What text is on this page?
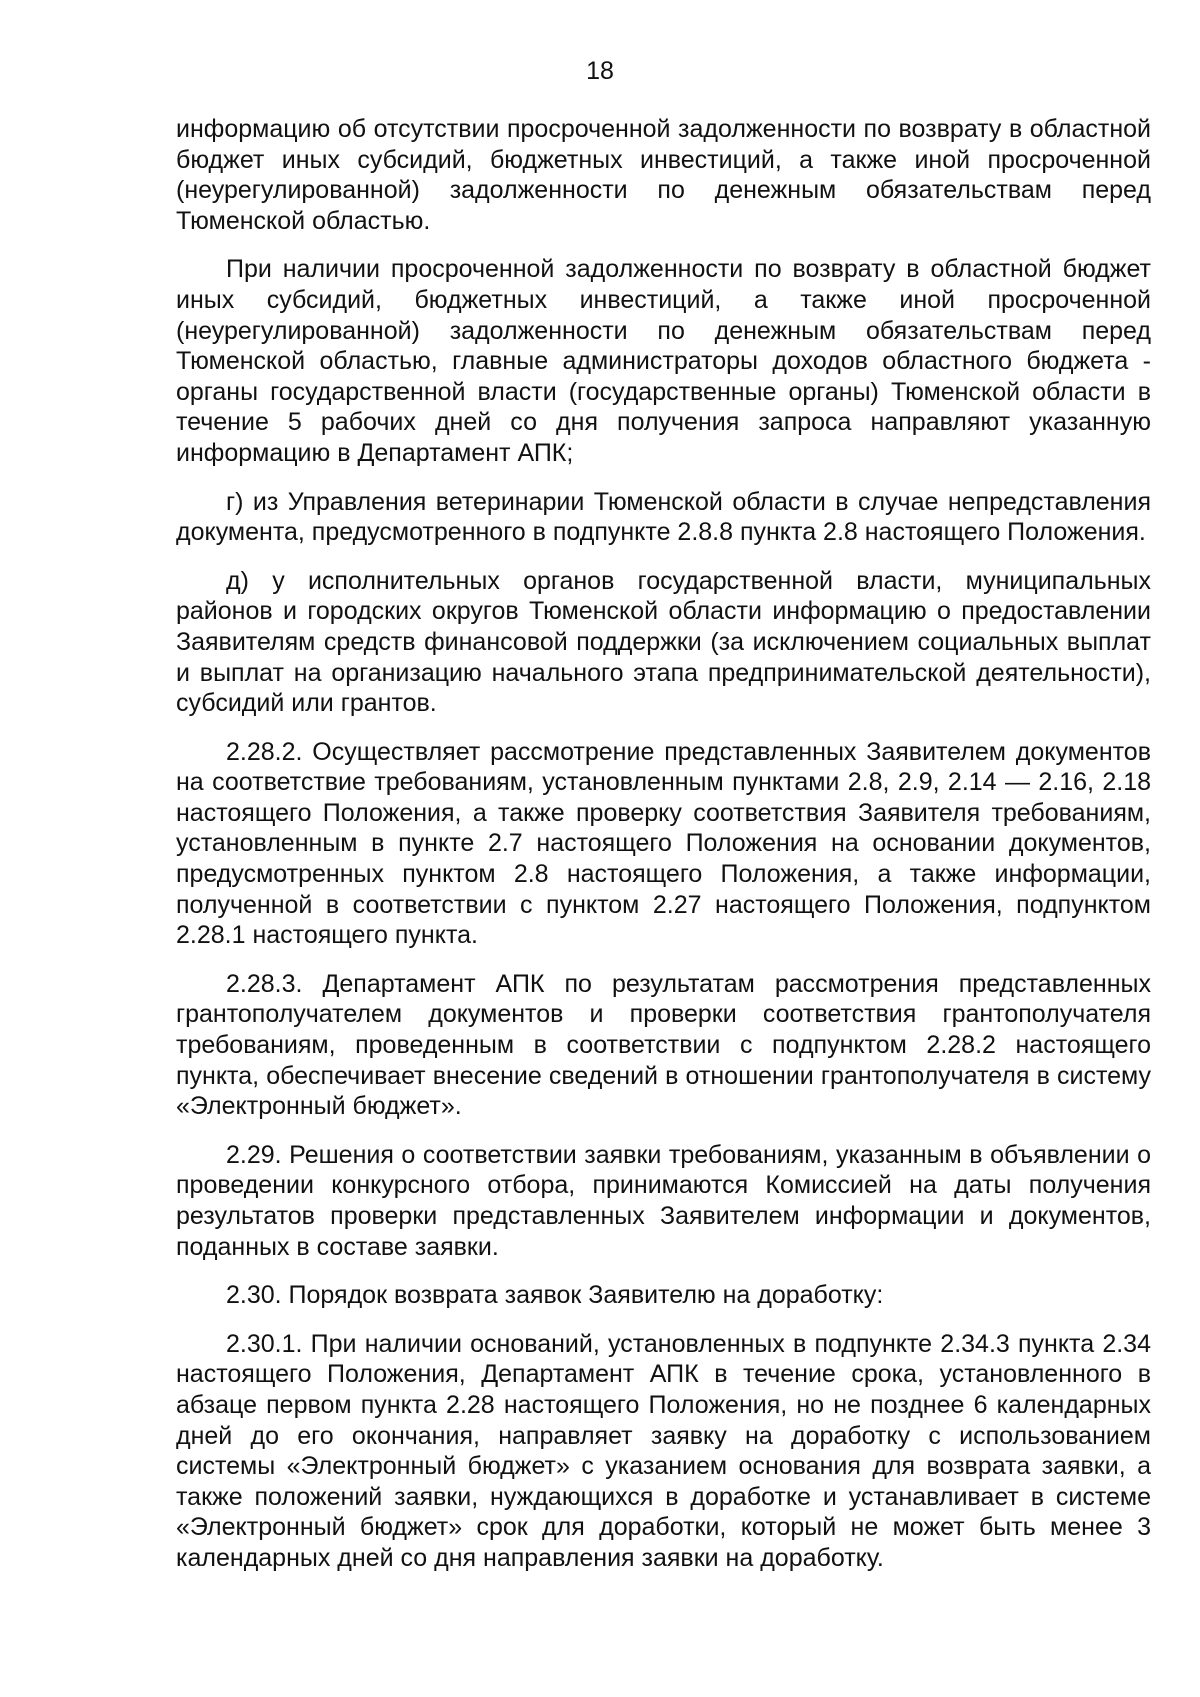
18

информацию об отсутствии просроченной задолженности по возврату в областной бюджет иных субсидий, бюджетных инвестиций, а также иной просроченной (неурегулированной) задолженности по денежным обязательствам перед Тюменской областью.

При наличии просроченной задолженности по возврату в областной бюджет иных субсидий, бюджетных инвестиций, а также иной просроченной (неурегулированной) задолженности по денежным обязательствам перед Тюменской областью, главные администраторы доходов областного бюджета - органы государственной власти (государственные органы) Тюменской области в течение 5 рабочих дней со дня получения запроса направляют указанную информацию в Департамент АПК;

г) из Управления ветеринарии Тюменской области в случае непредставления документа, предусмотренного в подпункте 2.8.8 пункта 2.8 настоящего Положения.

д) у исполнительных органов государственной власти, муниципальных районов и городских округов Тюменской области информацию о предоставлении Заявителям средств финансовой поддержки (за исключением социальных выплат и выплат на организацию начального этапа предпринимательской деятельности), субсидий или грантов.

2.28.2. Осуществляет рассмотрение представленных Заявителем документов на соответствие требованиям, установленным пунктами 2.8, 2.9, 2.14 — 2.16, 2.18 настоящего Положения, а также проверку соответствия Заявителя требованиям, установленным в пункте 2.7 настоящего Положения на основании документов, предусмотренных пунктом 2.8 настоящего Положения, а также информации, полученной в соответствии с пунктом 2.27 настоящего Положения, подпунктом 2.28.1 настоящего пункта.

2.28.3. Департамент АПК по результатам рассмотрения представленных грантополучателем документов и проверки соответствия грантополучателя требованиям, проведенным в соответствии с подпунктом 2.28.2 настоящего пункта, обеспечивает внесение сведений в отношении грантополучателя в систему «Электронный бюджет».

2.29. Решения о соответствии заявки требованиям, указанным в объявлении о проведении конкурсного отбора, принимаются Комиссией на даты получения результатов проверки представленных Заявителем информации и документов, поданных в составе заявки.

2.30. Порядок возврата заявок Заявителю на доработку:

2.30.1. При наличии оснований, установленных в подпункте 2.34.3 пункта 2.34 настоящего Положения, Департамент АПК в течение срока, установленного в абзаце первом пункта 2.28 настоящего Положения, но не позднее 6 календарных дней до его окончания, направляет заявку на доработку с использованием системы «Электронный бюджет» с указанием основания для возврата заявки, а также положений заявки, нуждающихся в доработке и устанавливает в системе «Электронный бюджет» срок для доработки, который не может быть менее 3 календарных дней со дня направления заявки на доработку.
